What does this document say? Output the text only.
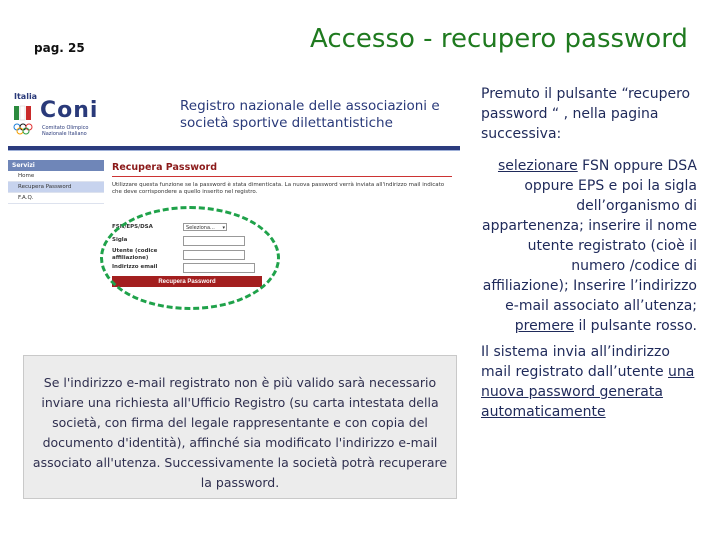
pag. 25	Accesso - recupero password
Italia
Coni
Comitato Olimpico Nazionale Italiano
Registro nazionale delle associazioni e società sportive dilettantistiche
Servizi
Home
Recupera Password
F.A.Q.
Recupera Password
Utilizzare questa funzione se la password è stata dimenticata. La nuova password verrà inviata all'indirizzo mail indicato che deve corrispondere a quello inserito nel registro.
FSN/EPS/DSA	Seleziona... ▾
Sigla
Utente (codice affiliazione)
Indirizzo email
Recupera Password
Se l'indirizzo e-mail registrato non è più valido sarà necessario inviare una richiesta all'Ufficio Registro (su carta intestata della società, con firma del legale rappresentante e con copia del documento d'identità), affinché sia modificato l'indirizzo e-mail associato all'utenza. Successivamente la società potrà recuperare la password.
Premuto il pulsante “recupero password “ , nella pagina successiva:
selezionare FSN oppure DSA oppure EPS e poi la sigla dell’organismo di appartenenza; inserire il nome utente registrato (cioè il numero /codice di affiliazione); Inserire l’indirizzo e-mail associato all’utenza; premere il pulsante rosso.
Il sistema invia all’indirizzo mail registrato dall’utente una nuova password generata automaticamente
